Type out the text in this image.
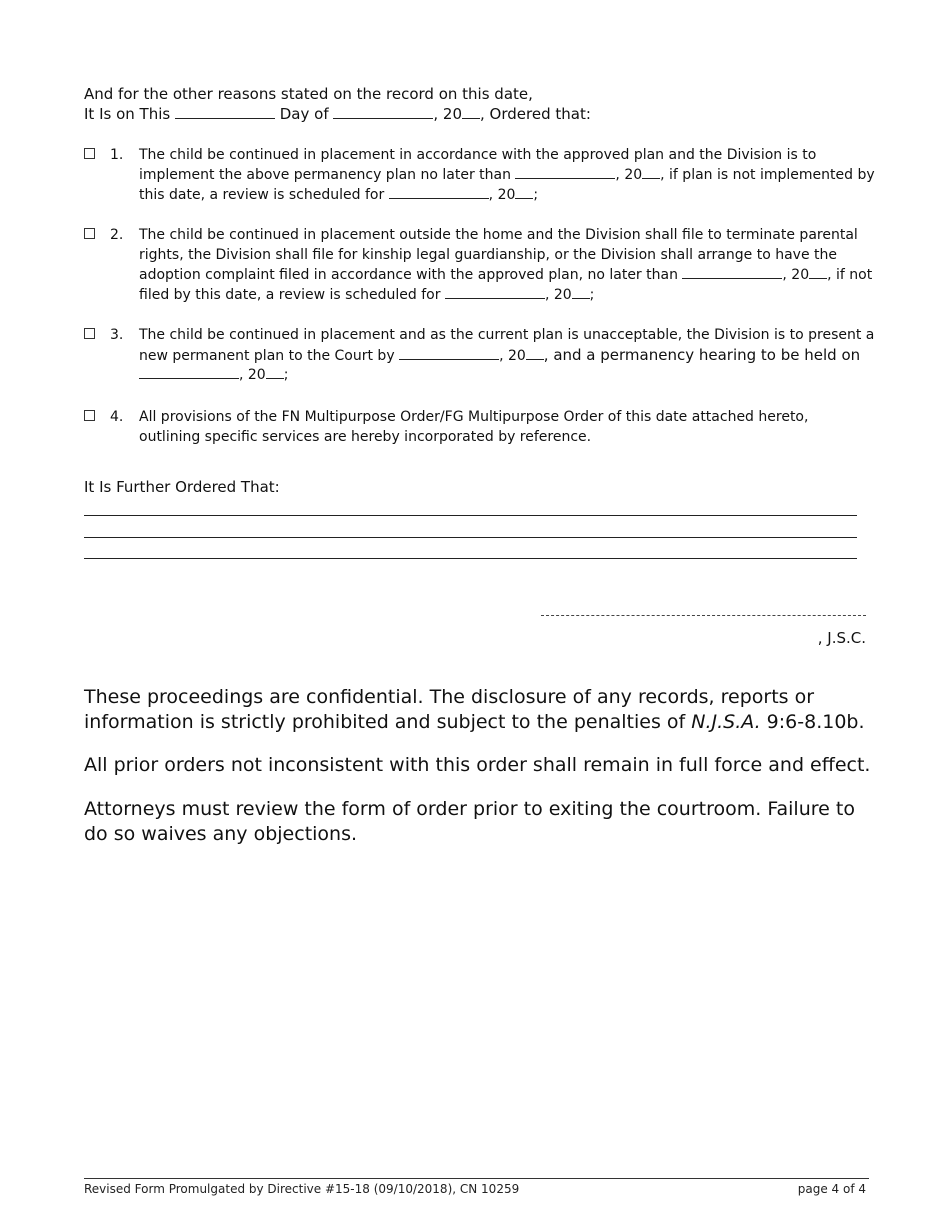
And for the other reasons stated on the record on this date,
It Is on This	Day of	, 20 , Ordered that:
1. The child be continued in placement in accordance with the approved plan and the Division is to
implement the above permanency plan no later than	, 20 , if plan is not implemented by
this date, a review is scheduled for	, 20 ;
2. The child be continued in placement outside the home and the Division shall file to terminate parental
rights, the Division shall file for kinship legal guardianship, or the Division shall arrange to have the
adoption complaint filed in accordance with the approved plan, no later than	, 20 , if not
filed by this date, a review is scheduled for	, 20 ;
3. The child be continued in placement and as the current plan is unacceptable, the Division is to present a
new permanent plan to the Court by	, 20 , and a permanency hearing to be held on
, 20 ;
4. All provisions of the FN Multipurpose Order/FG Multipurpose Order of this date attached hereto,
outlining specific services are hereby incorporated by reference.
It Is Further Ordered That:
, J.S.C.
These proceedings are confidential. The disclosure of any records, reports or
information is strictly prohibited and subject to the penalties of N.J.S.A. 9:6-8.10b.
All prior orders not inconsistent with this order shall remain in full force and effect.
Attorneys must review the form of order prior to exiting the courtroom. Failure to
do so waives any objections.
Revised Form Promulgated by Directive #15-18 (09/10/2018), CN 10259	page 4 of 4
